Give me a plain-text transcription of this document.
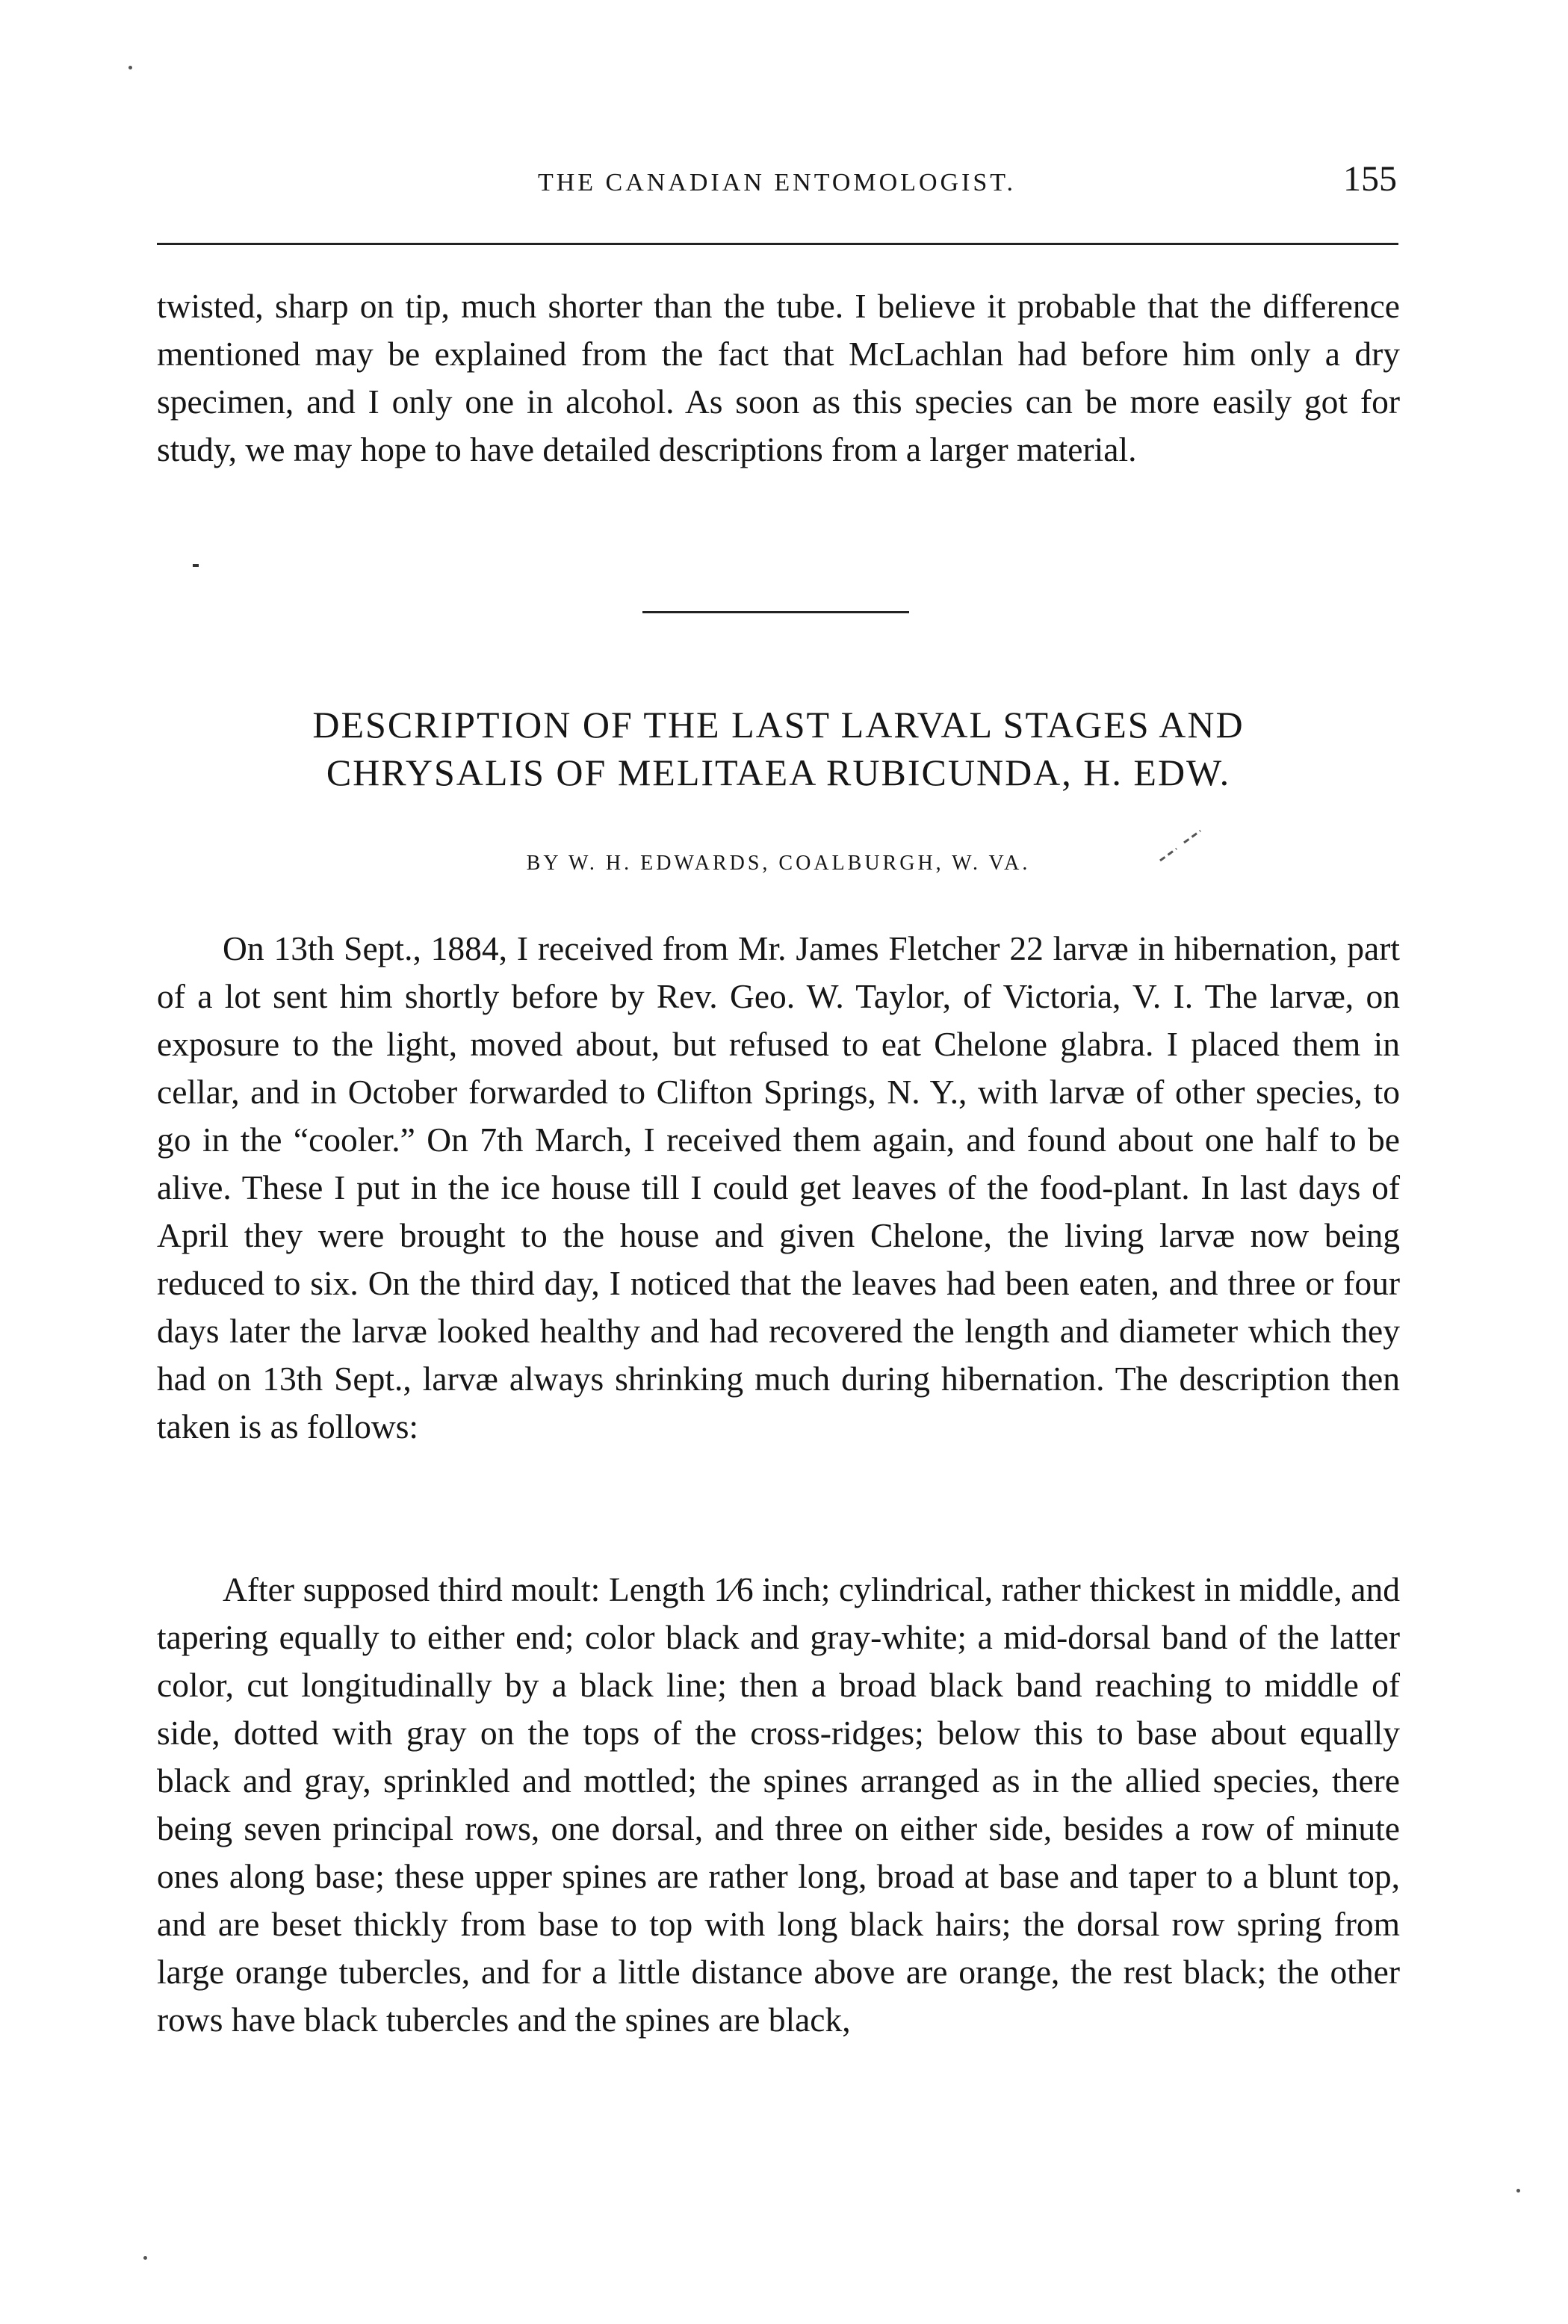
THE CANADIAN ENTOMOLOGIST.	155

twisted, sharp on tip, much shorter than the tube. I believe it probable that the difference mentioned may be explained from the fact that McLachlan had before him only a dry specimen, and I only one in alcohol. As soon as this species can be more easily got for study, we may hope to have detailed descriptions from a larger material.

DESCRIPTION OF THE LAST LARVAL STAGES AND
CHRYSALIS OF MELITAEA RUBICUNDA, H. EDW.
BY W. H. EDWARDS, COALBURGH, W. VA.

On 13th Sept., 1884, I received from Mr. James Fletcher 22 larvæ in hibernation, part of a lot sent him shortly before by Rev. Geo. W. Taylor, of Victoria, V. I. The larvæ, on exposure to the light, moved about, but refused to eat Chelone glabra. I placed them in cellar, and in October forwarded to Clifton Springs, N. Y., with larvæ of other species, to go in the “cooler.” On 7th March, I received them again, and found about one half to be alive. These I put in the ice house till I could get leaves of the food-plant. In last days of April they were brought to the house and given Chelone, the living larvæ now being reduced to six. On the third day, I noticed that the leaves had been eaten, and three or four days later the larvæ looked healthy and had recovered the length and diameter which they had on 13th Sept., larvæ always shrinking much during hibernation. The description then taken is as follows:

After supposed third moult: Length 1⁄6 inch; cylindrical, rather thickest in middle, and tapering equally to either end; color black and gray-white; a mid-dorsal band of the latter color, cut longitudinally by a black line; then a broad black band reaching to middle of side, dotted with gray on the tops of the cross-ridges; below this to base about equally black and gray, sprinkled and mottled; the spines arranged as in the allied species, there being seven principal rows, one dorsal, and three on either side, besides a row of minute ones along base; these upper spines are rather long, broad at base and taper to a blunt top, and are beset thickly from base to top with long black hairs; the dorsal row spring from large orange tubercles, and for a little distance above are orange, the rest black; the other rows have black tubercles and the spines are black,
